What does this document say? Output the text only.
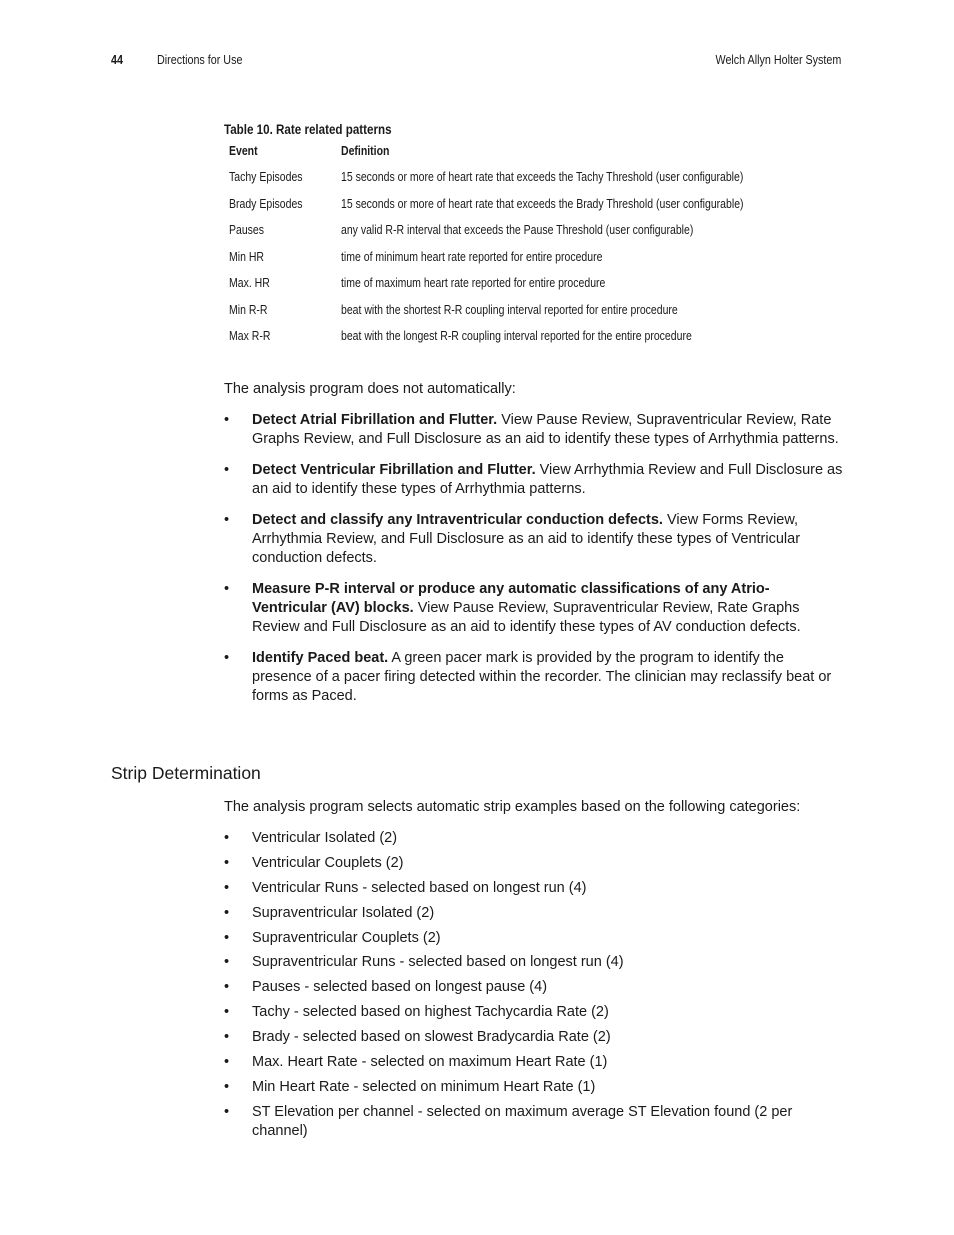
44	Directions for Use	Welch Allyn Holter System
Table 10. Rate related patterns
Event	Definition
Tachy Episodes	15 seconds or more of heart rate that exceeds the Tachy Threshold (user configurable)
Brady Episodes	15 seconds or more of heart rate that exceeds the Brady Threshold (user configurable)
Pauses	any valid R-R interval that exceeds the Pause Threshold (user configurable)
Min HR	time of minimum heart rate reported for entire procedure
Max. HR	time of maximum heart rate reported for entire procedure
Min R-R	beat with the shortest R-R coupling interval reported for entire procedure
Max R-R	beat with the longest R-R coupling interval reported for the entire procedure
The analysis program does not automatically:
• Detect Atrial Fibrillation and Flutter. View Pause Review, Supraventricular Review, Rate Graphs Review, and Full Disclosure as an aid to identify these types of Arrhythmia patterns.
• Detect Ventricular Fibrillation and Flutter. View Arrhythmia Review and Full Disclosure as an aid to identify these types of Arrhythmia patterns.
• Detect and classify any Intraventricular conduction defects. View Forms Review, Arrhythmia Review, and Full Disclosure as an aid to identify these types of Ventricular conduction defects.
• Measure P-R interval or produce any automatic classifications of any Atrio-Ventricular (AV) blocks. View Pause Review, Supraventricular Review, Rate Graphs Review and Full Disclosure as an aid to identify these types of AV conduction defects.
• Identify Paced beat. A green pacer mark is provided by the program to identify the presence of a pacer firing detected within the recorder. The clinician may reclassify beat or forms as Paced.
Strip Determination
The analysis program selects automatic strip examples based on the following categories:
• Ventricular Isolated (2)
• Ventricular Couplets (2)
• Ventricular Runs - selected based on longest run (4)
• Supraventricular Isolated (2)
• Supraventricular Couplets (2)
• Supraventricular Runs - selected based on longest run (4)
• Pauses - selected based on longest pause (4)
• Tachy - selected based on highest Tachycardia Rate (2)
• Brady - selected based on slowest Bradycardia Rate (2)
• Max. Heart Rate - selected on maximum Heart Rate (1)
• Min Heart Rate - selected on minimum Heart Rate (1)
• ST Elevation per channel - selected on maximum average ST Elevation found (2 per channel)
